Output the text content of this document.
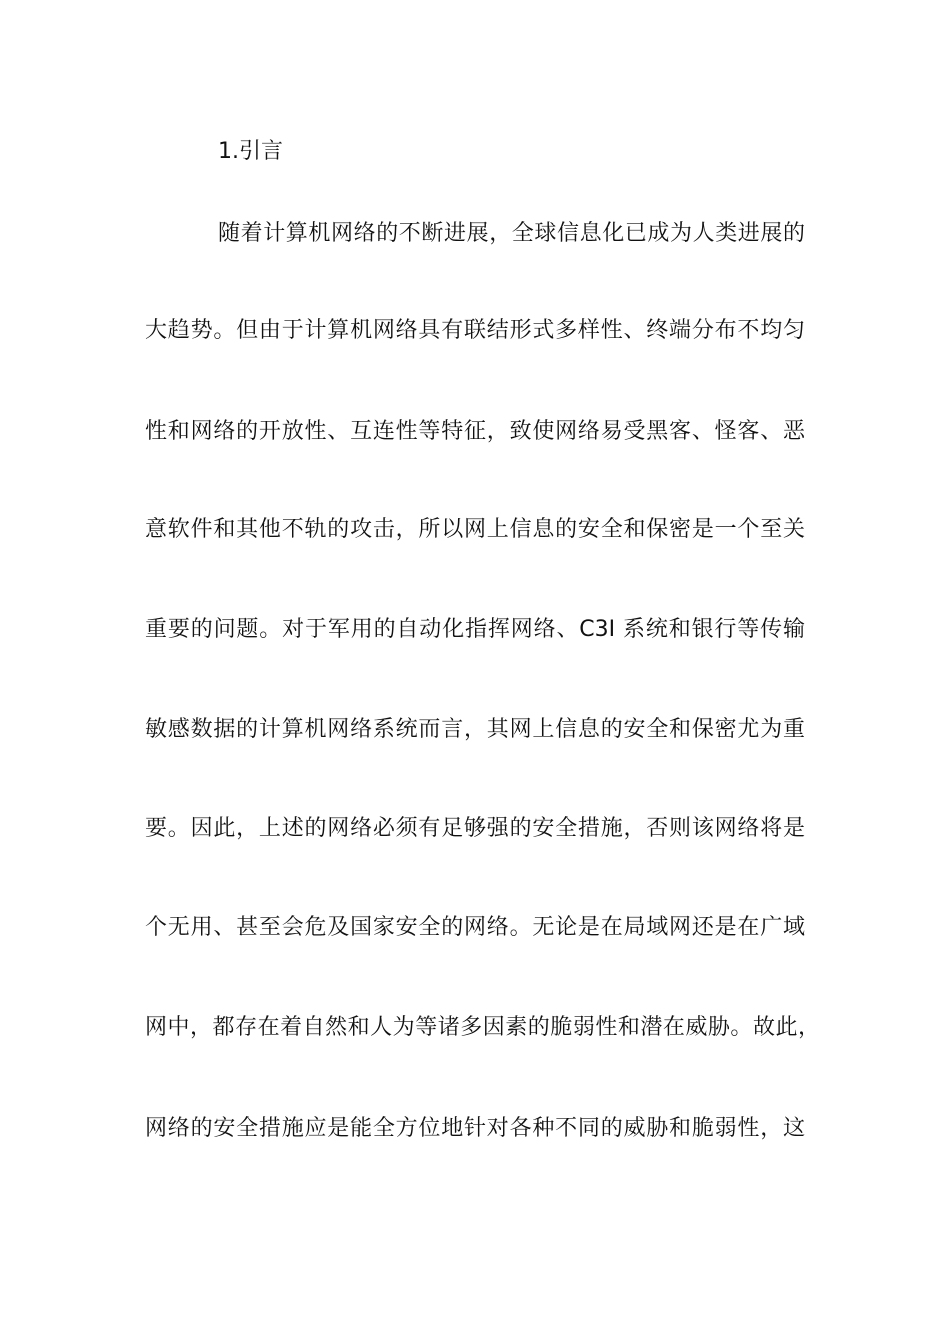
1.引言
随着计算机网络的不断进展，全球信息化已成为人类进展的
大趋势。但由于计算机网络具有联结形式多样性、终端分布不均匀
性和网络的开放性、互连性等特征，致使网络易受黑客、怪客、恶
意软件和其他不轨的攻击，所以网上信息的安全和保密是一个至关
重要的问题。对于军用的自动化指挥网络、C3I 系统和银行等传输
敏感数据的计算机网络系统而言，其网上信息的安全和保密尤为重
要。因此，上述的网络必须有足够强的安全措施，否则该网络将是
个无用、甚至会危及国家安全的网络。无论是在局域网还是在广域
网中，都存在着自然和人为等诸多因素的脆弱性和潜在威胁。故此，
网络的安全措施应是能全方位地针对各种不同的威胁和脆弱性，这
